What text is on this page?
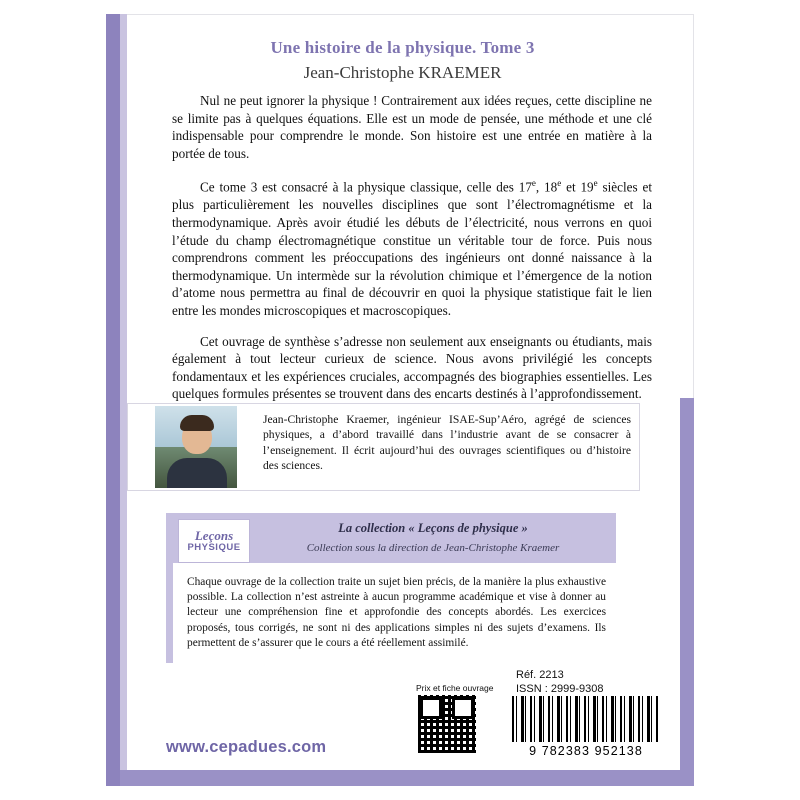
Une histoire de la physique. Tome 3
Jean-Christophe KRAEMER

Nul ne peut ignorer la physique ! Contrairement aux idées reçues, cette discipline ne se limite pas à quelques équations. Elle est un mode de pensée, une méthode et une clé indispensable pour comprendre le monde. Son histoire est une entrée en matière à la portée de tous.

Ce tome 3 est consacré à la physique classique, celle des 17e, 18e et 19e siècles et plus particulièrement les nouvelles disciplines que sont l’électromagnétisme et la thermodynamique. Après avoir étudié les débuts de l’électricité, nous verrons en quoi l’étude du champ électromagnétique constitue un véritable tour de force. Puis nous comprendrons comment les préoccupations des ingénieurs ont donné naissance à la thermodynamique. Un intermède sur la révolution chimique et l’émergence de la notion d’atome nous permettra au final de découvrir en quoi la physique statistique fait le lien entre les mondes microscopiques et macroscopiques.

Cet ouvrage de synthèse s’adresse non seulement aux enseignants ou étudiants, mais également à tout lecteur curieux de science. Nous avons privilégié les concepts fondamentaux et les expériences cruciales, accompagnés des biographies essentielles. Les quelques formules présentes se trouvent dans des encarts destinés à l’approfondissement.

Jean-Christophe Kraemer, ingénieur ISAE-Sup’Aéro, agrégé de sciences physiques, a d’abord travaillé dans l’industrie avant de se consacrer à l’enseignement. Il écrit aujourd’hui des ouvrages scientifiques ou d’histoire des sciences.
Leçons
PHYSIQUE
La collection « Leçons de physique »
Collection sous la direction de Jean-Christophe Kraemer

Chaque ouvrage de la collection traite un sujet bien précis, de la manière la plus exhaustive possible. La collection n’est astreinte à aucun programme académique et vise à donner au lecteur une compréhension fine et approfondie des concepts abordés. Les exercices proposés, tous corrigés, ne sont ni des applications simples ni des sujets d’examens. Ils permettent de s’assurer que le cours a été réellement assimilé.

www.cepadues.com
Prix et fiche ouvrage
Réf. 2213
ISSN : 2999-9308
9 782383 952138
